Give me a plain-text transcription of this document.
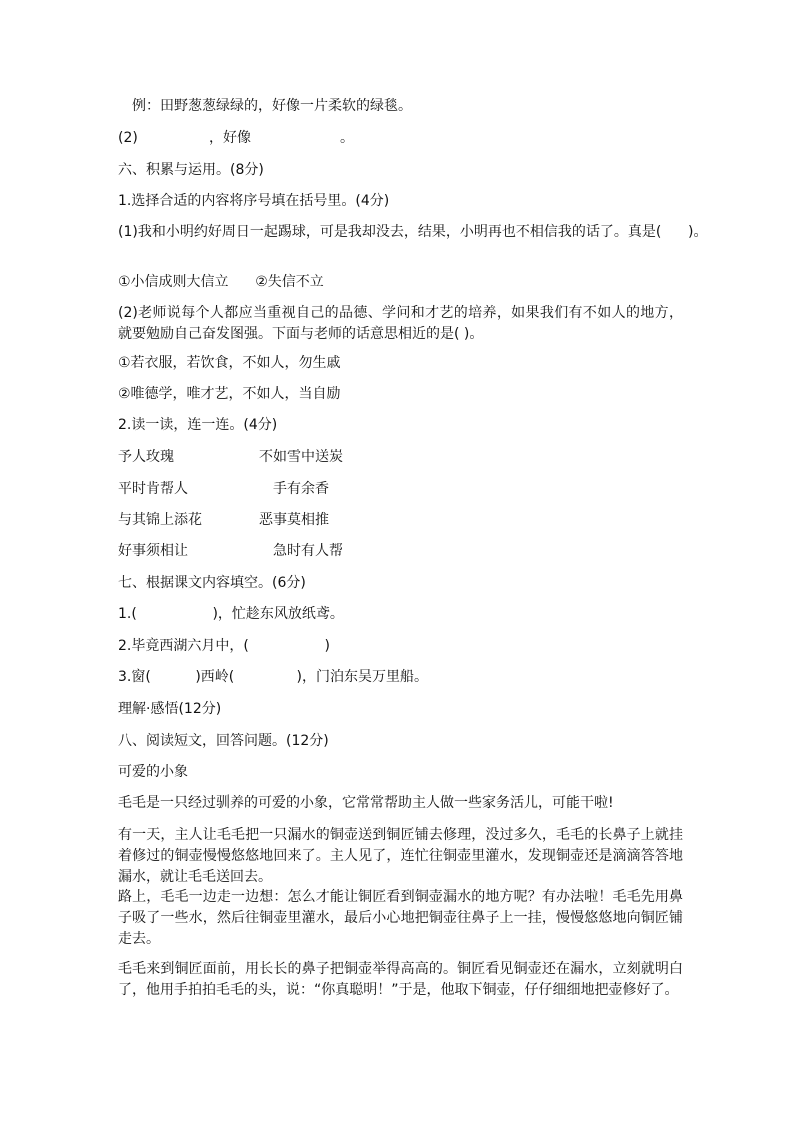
例：田野葱葱绿绿的，好像一片柔软的绿毯。

(2)                ，好像                    。

六、积累与运用。(8分)

1.选择合适的内容将序号填在括号里。(4分)

(1)我和小明约好周日一起踢球，可是我却没去，结果，小明再也不相信我的话了。真是(      )。

①小信成则大信立      ②失信不立

(2)老师说每个人都应当重视自己的品德、学问和才艺的培养，如果我们有不如人的地方，就要勉励自己奋发图强。下面与老师的话意思相近的是( )。

①若衣服，若饮食，不如人，勿生戚

②唯德学，唯才艺，不如人，当自励

2.读一读，连一连。(4分)

予人玫瑰	不如雪中送炭

平时肯帮人	手有余香

与其锦上添花	恶事莫相推

好事须相让	急时有人帮

七、根据课文内容填空。(6分)

1.(                 )，忙趁东风放纸鸢。

2.毕竟西湖六月中，(                 )

3.窗(          )西岭(              )，门泊东吴万里船。

理解·感悟(12分)

八、阅读短文，回答问题。(12分)

可爱的小象

毛毛是一只经过驯养的可爱的小象，它常常帮助主人做一些家务活儿，可能干啦!

有一天，主人让毛毛把一只漏水的铜壶送到铜匠铺去修理，没过多久，毛毛的长鼻子上就挂着修过的铜壶慢慢悠悠地回来了。主人见了，连忙往铜壶里灌水，发现铜壶还是滴滴答答地漏水，就让毛毛送回去。

路上，毛毛一边走一边想：怎么才能让铜匠看到铜壶漏水的地方呢？有办法啦！毛毛先用鼻子吸了一些水，然后往铜壶里灌水，最后小心地把铜壶往鼻子上一挂，慢慢悠悠地向铜匠铺走去。

毛毛来到铜匠面前，用长长的鼻子把铜壶举得高高的。铜匠看见铜壶还在漏水，立刻就明白了，他用手拍拍毛毛的头，说：“你真聪明！”于是，他取下铜壶，仔仔细细地把壶修好了。
